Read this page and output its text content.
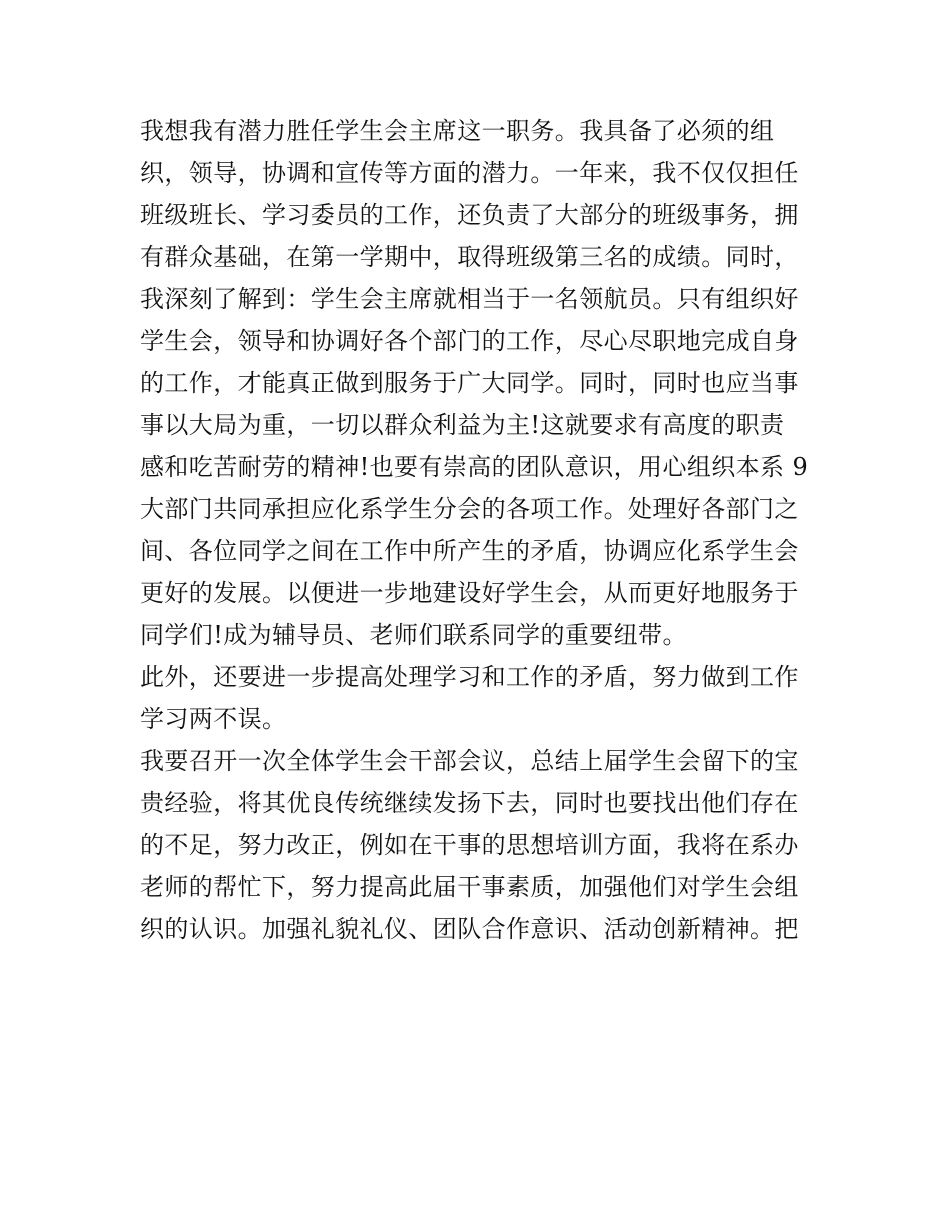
我想我有潜力胜任学生会主席这一职务。我具备了必须的组
织，领导，协调和宣传等方面的潜力。一年来，我不仅仅担任
班级班长、学习委员的工作，还负责了大部分的班级事务，拥
有群众基础，在第一学期中，取得班级第三名的成绩。同时，
我深刻了解到：学生会主席就相当于一名领航员。只有组织好
学生会，领导和协调好各个部门的工作，尽心尽职地完成自身
的工作，才能真正做到服务于广大同学。同时，同时也应当事
事以大局为重，一切以群众利益为主!这就要求有高度的职责
感和吃苦耐劳的精神!也要有崇高的团队意识，用心组织本系 9
大部门共同承担应化系学生分会的各项工作。处理好各部门之
间、各位同学之间在工作中所产生的矛盾，协调应化系学生会
更好的发展。以便进一步地建设好学生会，从而更好地服务于
同学们!成为辅导员、老师们联系同学的重要纽带。
此外，还要进一步提高处理学习和工作的矛盾，努力做到工作
学习两不误。
我要召开一次全体学生会干部会议，总结上届学生会留下的宝
贵经验，将其优良传统继续发扬下去，同时也要找出他们存在
的不足，努力改正，例如在干事的思想培训方面，我将在系办
老师的帮忙下，努力提高此届干事素质，加强他们对学生会组
织的认识。加强礼貌礼仪、团队合作意识、活动创新精神。把
